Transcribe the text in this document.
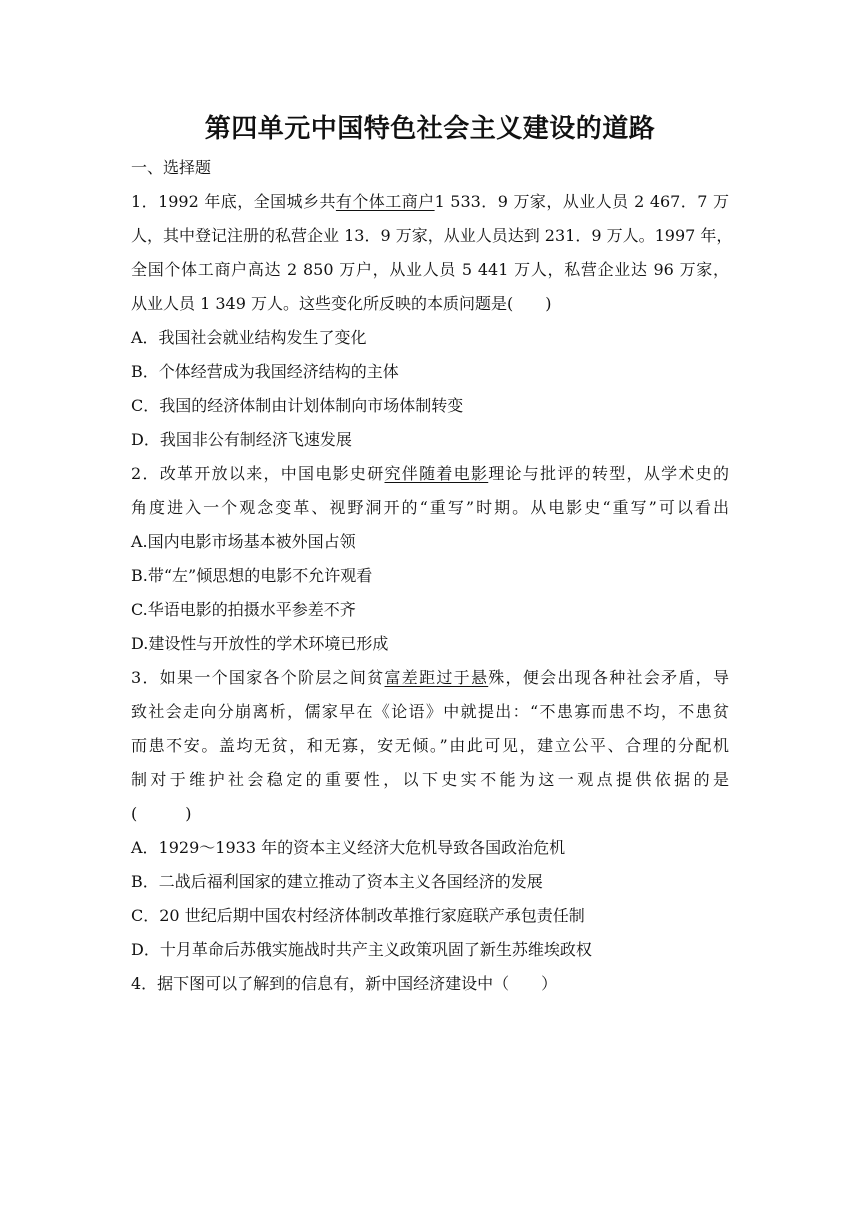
第四单元中国特色社会主义建设的道路
一、选择题
1．1992 年底，全国城乡共有个体工商户1 533．9 万家，从业人员 2 467．7 万
人，其中登记注册的私营企业 13．9 万家，从业人员达到 231．9 万人。1997 年，
全国个体工商户高达 2 850 万户，从业人员 5 441 万人，私营企业达 96 万家，
从业人员 1 349 万人。这些变化所反映的本质问题是(　　)
A．我国社会就业结构发生了变化
B．个体经营成为我国经济结构的主体
C．我国的经济体制由计划体制向市场体制转变
D．我国非公有制经济飞速发展
2．改革开放以来，中国电影史研究伴随着电影理论与批评的转型，从学术史的
角度进入一个观念变革、视野洞开的“重写”时期。从电影史“重写”可以看出
A.国内电影市场基本被外国占领
B.带“左”倾思想的电影不允许观看
C.华语电影的拍摄水平参差不齐
D.建设性与开放性的学术环境已形成
3．如果一个国家各个阶层之间贫富差距过于悬殊，便会出现各种社会矛盾，导
致社会走向分崩离析，儒家早在《论语》中就提出：“不患寡而患不均，不患贫
而患不安。盖均无贫，和无寡，安无倾。”由此可见，建立公平、合理的分配机
制对于维护社会稳定的重要性，以下史实不能为这一观点提供依据的是
(　　　)
A．1929～1933 年的资本主义经济大危机导致各国政治危机
B．二战后福利国家的建立推动了资本主义各国经济的发展
C．20 世纪后期中国农村经济体制改革推行家庭联产承包责任制
D．十月革命后苏俄实施战时共产主义政策巩固了新生苏维埃政权
4．据下图可以了解到的信息有，新中国经济建设中（　　）
